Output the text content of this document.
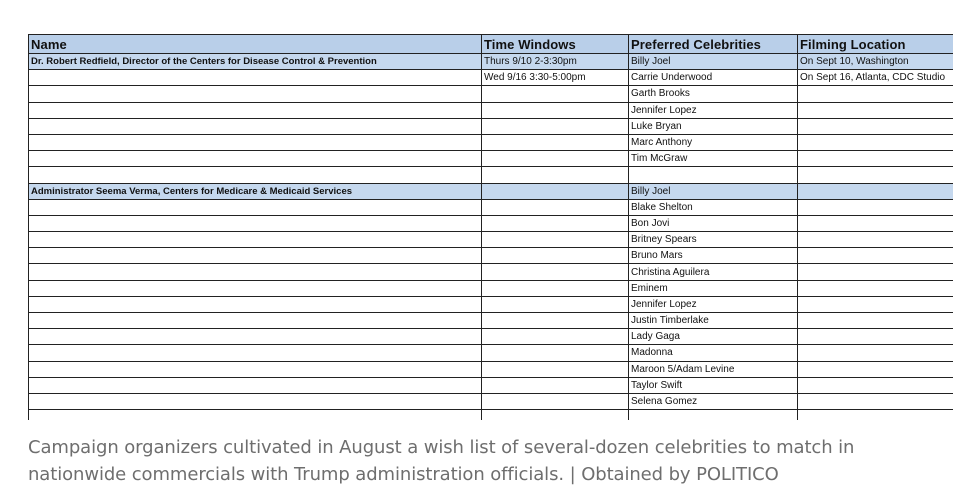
Name	Time Windows	Preferred Celebrities	Filming Location
Dr. Robert Redfield, Director of the Centers for Disease Control & Prevention	Thurs 9/10 2-3:30pm	Billy Joel	On Sept 10, Washington
	Wed 9/16 3:30-5:00pm	Carrie Underwood	On Sept 16, Atlanta, CDC Studio
		Garth Brooks	
		Jennifer Lopez	
		Luke Bryan	
		Marc Anthony	
		Tim McGraw	

Administrator Seema Verma, Centers for Medicare & Medicaid Services		Billy Joel	
		Blake Shelton	
		Bon Jovi	
		Britney Spears	
		Bruno Mars	
		Christina Aguilera	
		Eminem	
		Jennifer Lopez	
		Justin Timberlake	
		Lady Gaga	
		Madonna	
		Maroon 5/Adam Levine	
		Taylor Swift	
		Selena Gomez	

Campaign organizers cultivated in August a wish list of several-dozen celebrities to match in nationwide commercials with Trump administration officials. | Obtained by POLITICO
